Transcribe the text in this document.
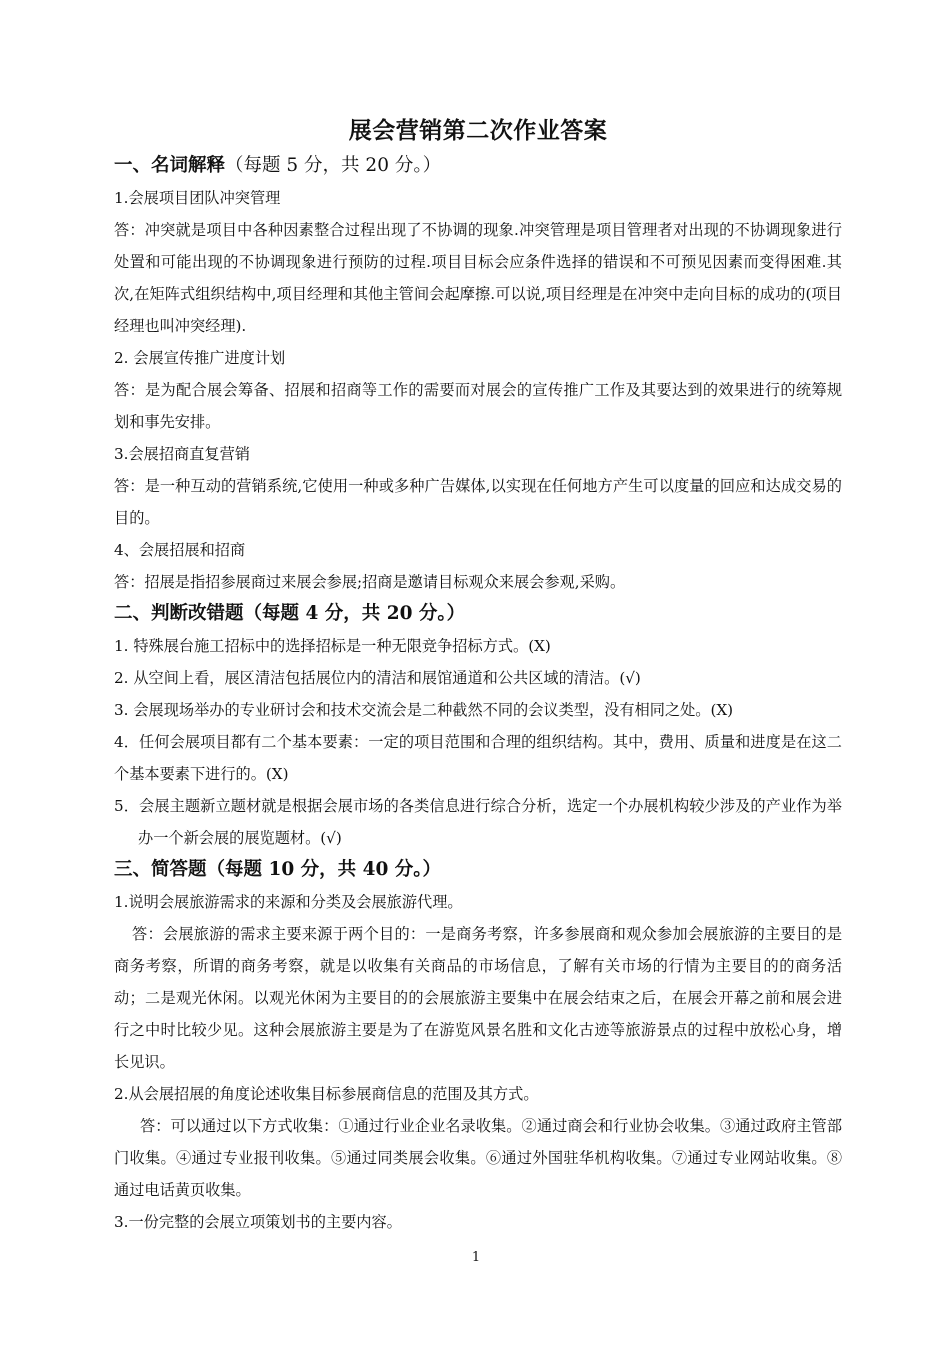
展会营销第二次作业答案
一、名词解释（每题 5 分，共 20 分。）

1.会展项目团队冲突管理

答：冲突就是项目中各种因素整合过程出现了不协调的现象.冲突管理是项目管理者对出现的不协调现象进行处置和可能出现的不协调现象进行预防的过程.项目目标会应条件选择的错误和不可预见因素而变得困难.其次,在矩阵式组织结构中,项目经理和其他主管间会起摩擦.可以说,项目经理是在冲突中走向目标的成功的(项目经理也叫冲突经理).

2. 会展宣传推广进度计划

答：是为配合展会筹备、招展和招商等工作的需要而对展会的宣传推广工作及其要达到的效果进行的统筹规划和事先安排。

3.会展招商直复营销

答：是一种互动的营销系统,它使用一种或多种广告媒体,以实现在任何地方产生可以度量的回应和达成交易的目的。

4、会展招展和招商

答：招展是指招参展商过来展会参展;招商是邀请目标观众来展会参观,采购。

二、判断改错题（每题 4 分，共 20 分。）

1. 特殊展台施工招标中的选择招标是一种无限竞争招标方式。(X)

2. 从空间上看，展区清洁包括展位内的清洁和展馆通道和公共区域的清洁。(√)

3. 会展现场举办的专业研讨会和技术交流会是二种截然不同的会议类型，没有相同之处。(X)

4．任何会展项目都有二个基本要素：一定的项目范围和合理的组织结构。其中，费用、质量和进度是在这二个基本要素下进行的。(X)

5．会展主题新立题材就是根据会展市场的各类信息进行综合分析，选定一个办展机构较少涉及的产业作为举办一个新会展的展览题材。(√)

三、简答题（每题 10 分，共 40 分。）

1.说明会展旅游需求的来源和分类及会展旅游代理。

答：会展旅游的需求主要来源于两个目的：一是商务考察，许多参展商和观众参加会展旅游的主要目的是商务考察，所谓的商务考察，就是以收集有关商品的市场信息，了解有关市场的行情为主要目的的商务活动；二是观光休闲。以观光休闲为主要目的的会展旅游主要集中在展会结束之后，在展会开幕之前和展会进行之中时比较少见。这种会展旅游主要是为了在游览风景名胜和文化古迹等旅游景点的过程中放松心身，增长见识。

2.从会展招展的角度论述收集目标参展商信息的范围及其方式。

答：可以通过以下方式收集：①通过行业企业名录收集。②通过商会和行业协会收集。③通过政府主管部门收集。④通过专业报刊收集。⑤通过同类展会收集。⑥通过外国驻华机构收集。⑦通过专业网站收集。⑧通过电话黄页收集。

3.一份完整的会展立项策划书的主要内容。

1
